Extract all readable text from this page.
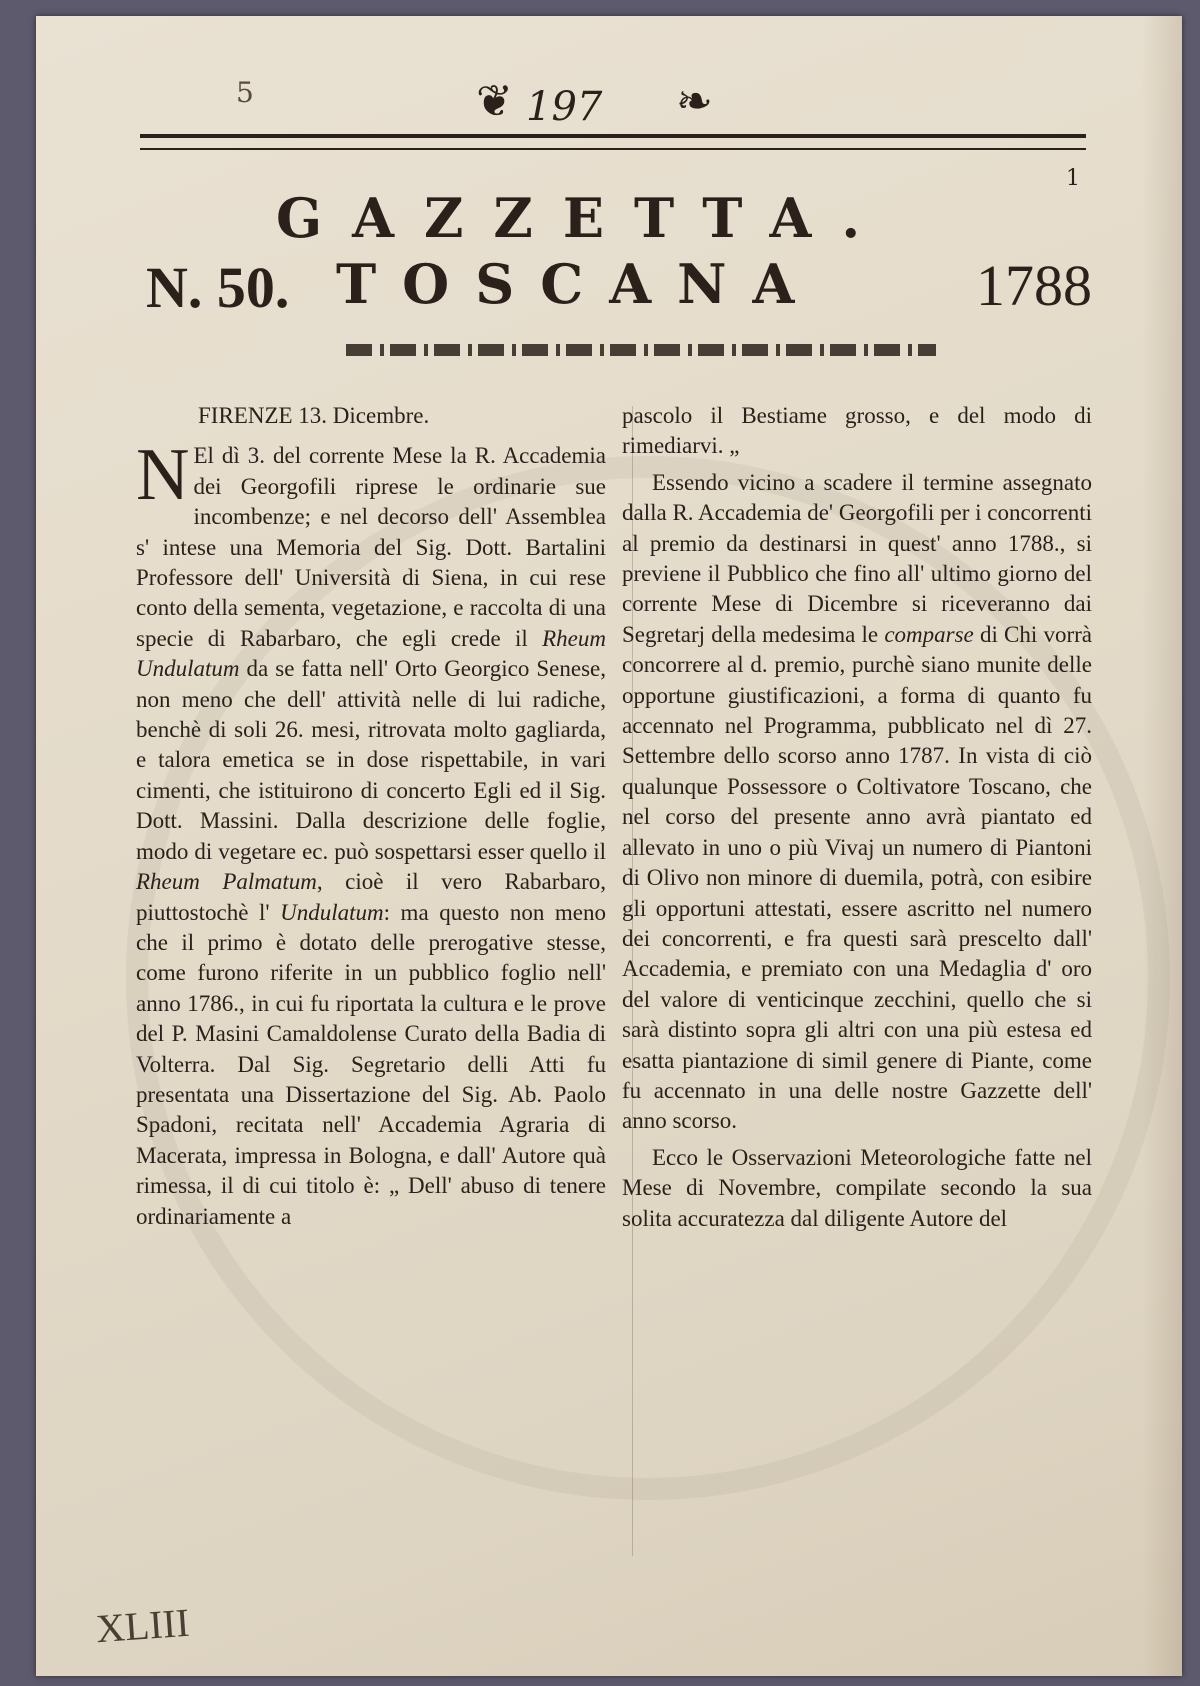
5	❦ 197 ❧
1
GAZZETTA.
N. 50. TOSCANA	1788

FIRENZE 13. Dicembre.

N El dì 3. del corrente Mese la R. Accademia dei Georgofili riprese le ordinarie sue incombenze; e nel decorso dell' Assemblea s' intese una Memoria del Sig. Dott. Bartalini Professore dell' Università di Siena, in cui rese conto della sementa, vegetazione, e raccolta di una specie di Rabarbaro, che egli crede il Rheum Undulatum da se fatta nell' Orto Georgico Senese, non meno che dell' attività nelle di lui radiche, benchè di soli 26. mesi, ritrovata molto gagliarda, e talora emetica se in dose rispettabile, in vari cimenti, che istituirono di concerto Egli ed il Sig. Dott. Massini. Dalla descrizione delle foglie, modo di vegetare ec. può sospettarsi esser quello il Rheum Palmatum, cioè il vero Rabarbaro, piuttostochè l' Undulatum: ma questo non meno che il primo è dotato delle prerogative stesse, come furono riferite in un pubblico foglio nell' anno 1786., in cui fu riportata la cultura e le prove del P. Masini Camaldolense Curato della Badia di Volterra. Dal Sig. Segretario delli Atti fu presentata una Dissertazione del Sig. Ab. Paolo Spadoni, recitata nell' Accademia Agraria di Macerata, impressa in Bologna, e dall' Autore quà rimessa, il di cui titolo è: „ Dell' abuso di tenere ordinariamente a

pascolo il Bestiame grosso, e del modo di rimediarvi. „

Essendo vicino a scadere il termine assegnato dalla R. Accademia de' Georgofili per i concorrenti al premio da destinarsi in quest' anno 1788., si previene il Pubblico che fino all' ultimo giorno del corrente Mese di Dicembre si riceveranno dai Segretarj della medesima le comparse di Chi vorrà concorrere al d. premio, purchè siano munite delle opportune giustificazioni, a forma di quanto fu accennato nel Programma, pubblicato nel dì 27. Settembre dello scorso anno 1787. In vista di ciò qualunque Possessore o Coltivatore Toscano, che nel corso del presente anno avrà piantato ed allevato in uno o più Vivaj un numero di Piantoni di Olivo non minore di duemila, potrà, con esibire gli opportuni attestati, essere ascritto nel numero dei concorrenti, e fra questi sarà prescelto dall' Accademia, e premiato con una Medaglia d' oro del valore di venticinque zecchini, quello che si sarà distinto sopra gli altri con una più estesa ed esatta piantazione di simil genere di Piante, come fu accennato in una delle nostre Gazzette dell' anno scorso.

Ecco le Osservazioni Meteorologiche fatte nel Mese di Novembre, compilate secondo la sua solita accuratezza dal diligente Autore del

XLIII
